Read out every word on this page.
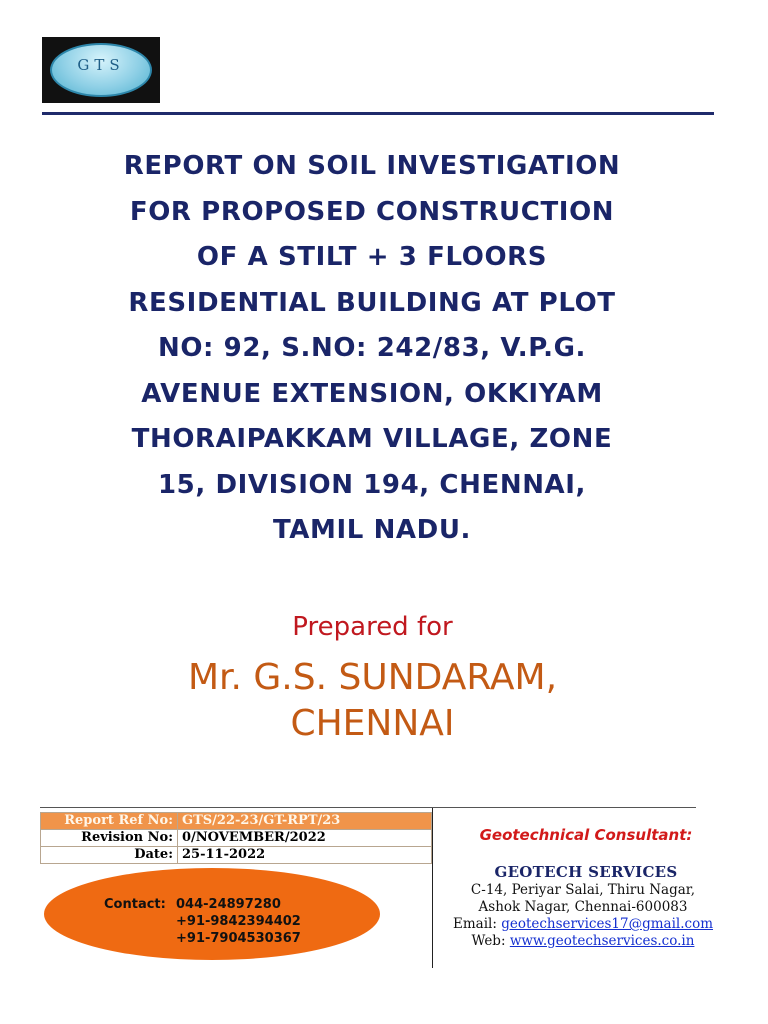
GTS
REPORT ON SOIL INVESTIGATION
FOR PROPOSED CONSTRUCTION
OF A STILT + 3 FLOORS
RESIDENTIAL BUILDING AT PLOT
NO: 92, S.NO: 242/83, V.P.G.
AVENUE EXTENSION, OKKIYAM
THORAIPAKKAM VILLAGE, ZONE
15, DIVISION 194, CHENNAI,
TAMIL NADU.
Prepared for
Mr. G.S. SUNDARAM,
CHENNAI
Report Ref No:	GTS/22-23/GT-RPT/23
Revision No:	0/NOVEMBER/2022
Date:	25-11-2022
Contact: 044-24897280
+91-9842394402
+91-7904530367
Geotechnical Consultant:
GEOTECH SERVICES
C-14, Periyar Salai, Thiru Nagar,
Ashok Nagar, Chennai-600083
Email: geotechservices17@gmail.com
Web: www.geotechservices.co.in
